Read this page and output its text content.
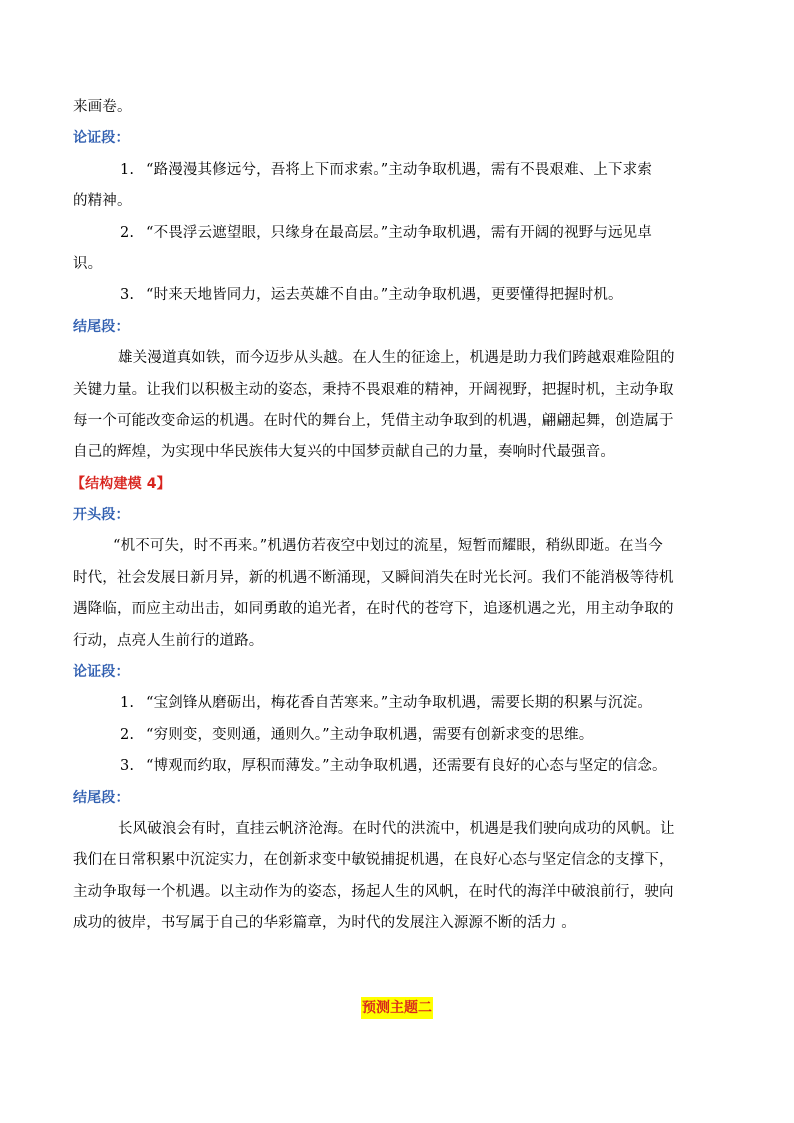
来画卷。
论证段：
1. “路漫漫其修远兮，吾将上下而求索。”主动争取机遇，需有不畏艰难、上下求索
的精神。
2. “不畏浮云遮望眼，只缘身在最高层。”主动争取机遇，需有开阔的视野与远见卓
识。
3. “时来天地皆同力，运去英雄不自由。”主动争取机遇，更要懂得把握时机。
结尾段：
雄关漫道真如铁，而今迈步从头越。在人生的征途上，机遇是助力我们跨越艰难险阻的
关键力量。让我们以积极主动的姿态，秉持不畏艰难的精神，开阔视野，把握时机，主动争取
每一个可能改变命运的机遇。在时代的舞台上，凭借主动争取到的机遇，翩翩起舞，创造属于
自己的辉煌，为实现中华民族伟大复兴的中国梦贡献自己的力量，奏响时代最强音。
【结构建模 4】
开头段：
“机不可失，时不再来。”机遇仿若夜空中划过的流星，短暂而耀眼，稍纵即逝。在当今
时代，社会发展日新月异，新的机遇不断涌现，又瞬间消失在时光长河。我们不能消极等待机
遇降临，而应主动出击，如同勇敢的追光者，在时代的苍穹下，追逐机遇之光，用主动争取的
行动，点亮人生前行的道路。
论证段：
1. “宝剑锋从磨砺出，梅花香自苦寒来。”主动争取机遇，需要长期的积累与沉淀。
2. “穷则变，变则通，通则久。”主动争取机遇，需要有创新求变的思维。
3. “博观而约取，厚积而薄发。”主动争取机遇，还需要有良好的心态与坚定的信念。
结尾段：
长风破浪会有时，直挂云帆济沧海。在时代的洪流中，机遇是我们驶向成功的风帆。让
我们在日常积累中沉淀实力，在创新求变中敏锐捕捉机遇，在良好心态与坚定信念的支撑下，
主动争取每一个机遇。以主动作为的姿态，扬起人生的风帆，在时代的海洋中破浪前行，驶向
成功的彼岸，书写属于自己的华彩篇章，为时代的发展注入源源不断的活力 。
预测主题二
